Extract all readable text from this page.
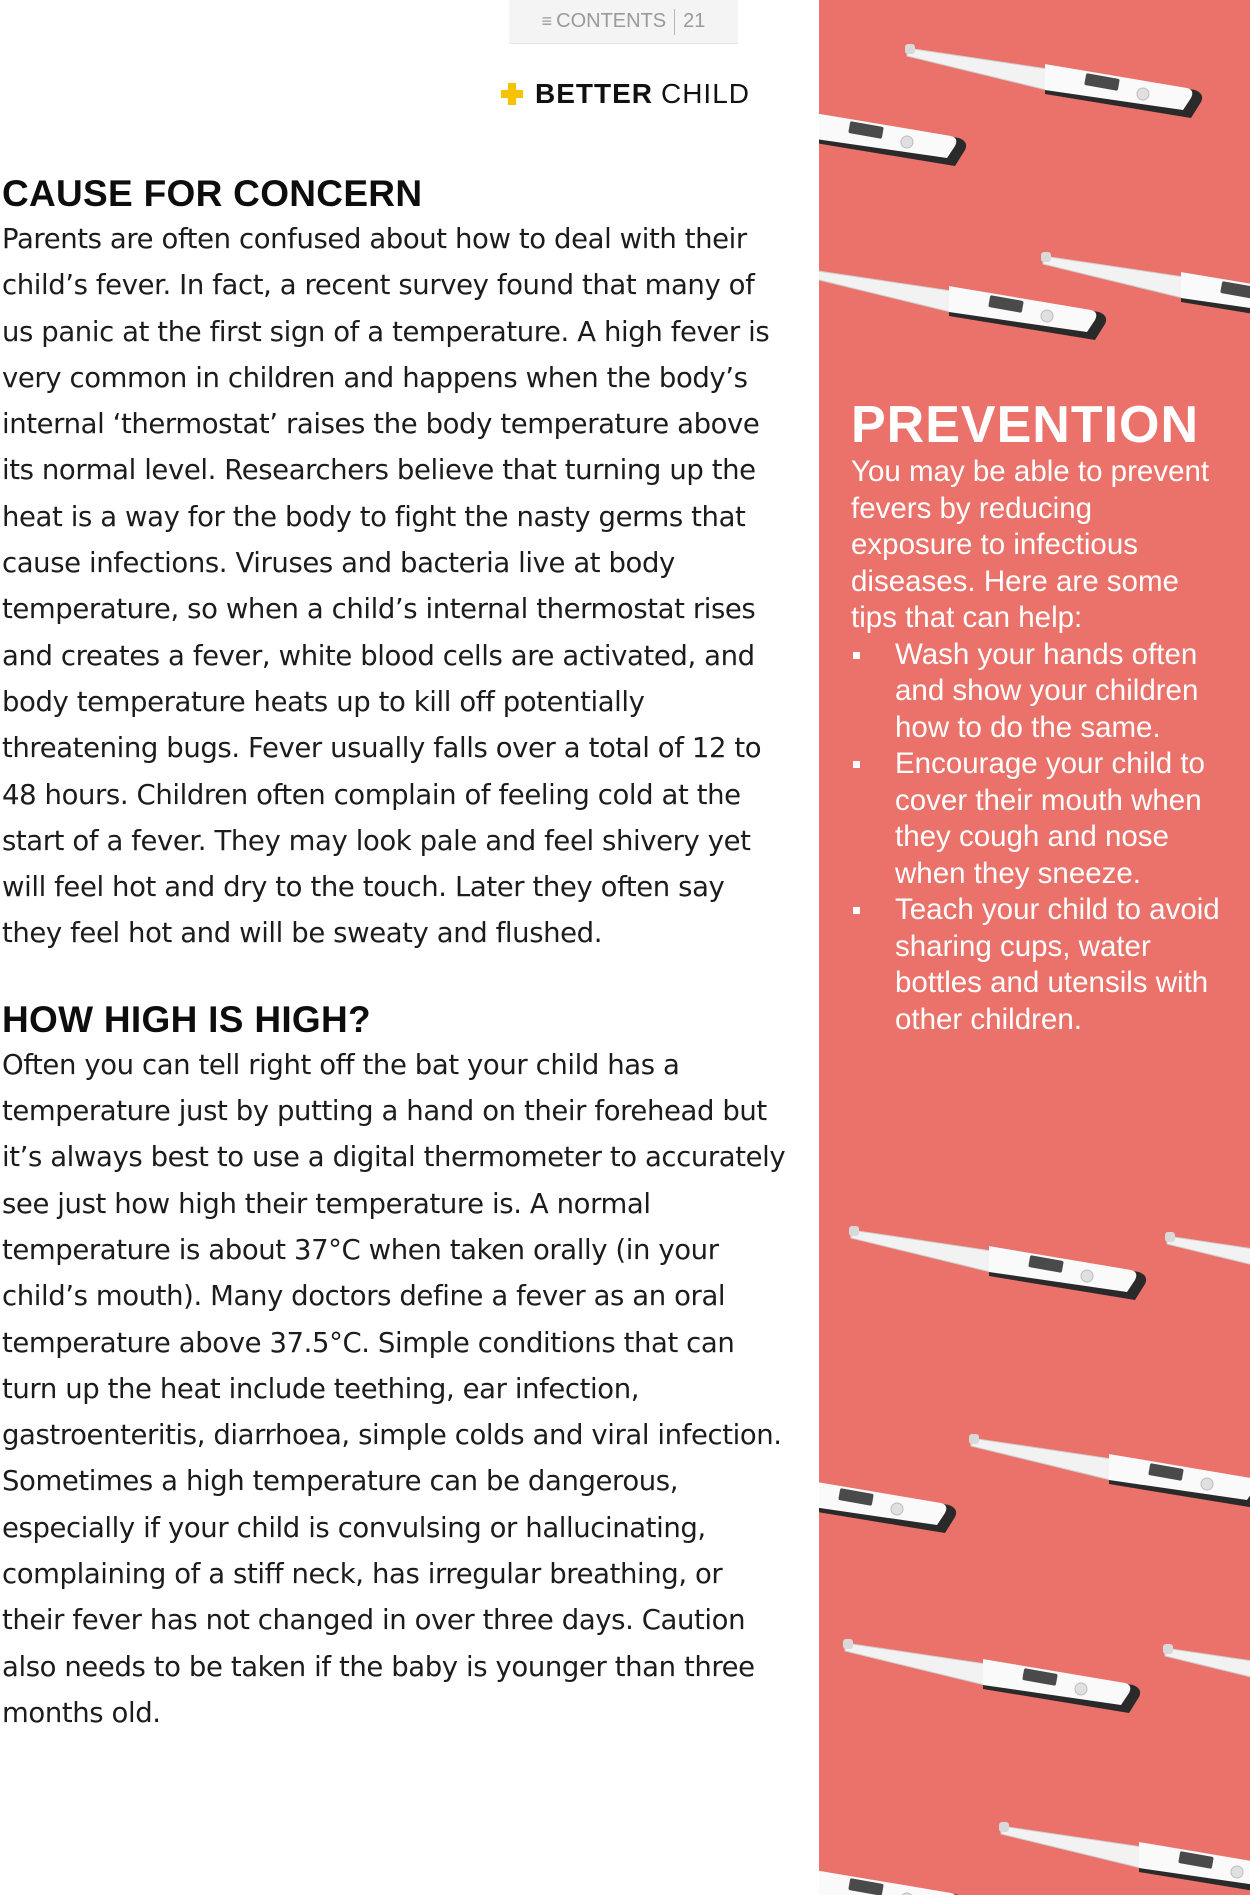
≡ CONTENTS 21
BETTER CHILD
CAUSE FOR CONCERN

Parents are often confused about how to deal with their child’s fever. In fact, a recent survey found that many of us panic at the first sign of a temperature. A high fever is very common in children and happens when the body’s internal ‘thermostat’ raises the body temperature above its normal level. Researchers believe that turning up the heat is a way for the body to fight the nasty germs that cause infections. Viruses and bacteria live at body temperature, so when a child’s internal thermostat rises and creates a fever, white blood cells are activated, and body temperature heats up to kill off potentially threatening bugs. Fever usually falls over a total of 12 to 48 hours. Children often complain of feeling cold at the start of a fever. They may look pale and feel shivery yet will feel hot and dry to the touch. Later they often say they feel hot and will be sweaty and flushed.

HOW HIGH IS HIGH?

Often you can tell right off the bat your child has a temperature just by putting a hand on their forehead but it’s always best to use a digital thermometer to accurately see just how high their temperature is. A normal temperature is about 37°C when taken orally (in your child’s mouth). Many doctors define a fever as an oral temperature above 37.5°C. Simple conditions that can turn up the heat include teething, ear infection, gastroenteritis, diarrhoea, simple colds and viral infection. Sometimes a high temperature can be dangerous, especially if your child is convulsing or hallucinating, complaining of a stiff neck, has irregular breathing, or their fever has not changed in over three days. Caution also needs to be taken if the baby is younger than three months old.

PREVENTION

You may be able to prevent fevers by reducing exposure to infectious diseases. Here are some tips that can help:

Wash your hands often and show your children how to do the same.
Encourage your child to cover their mouth when they cough and nose when they sneeze.
Teach your child to avoid sharing cups, water bottles and utensils with other children.
